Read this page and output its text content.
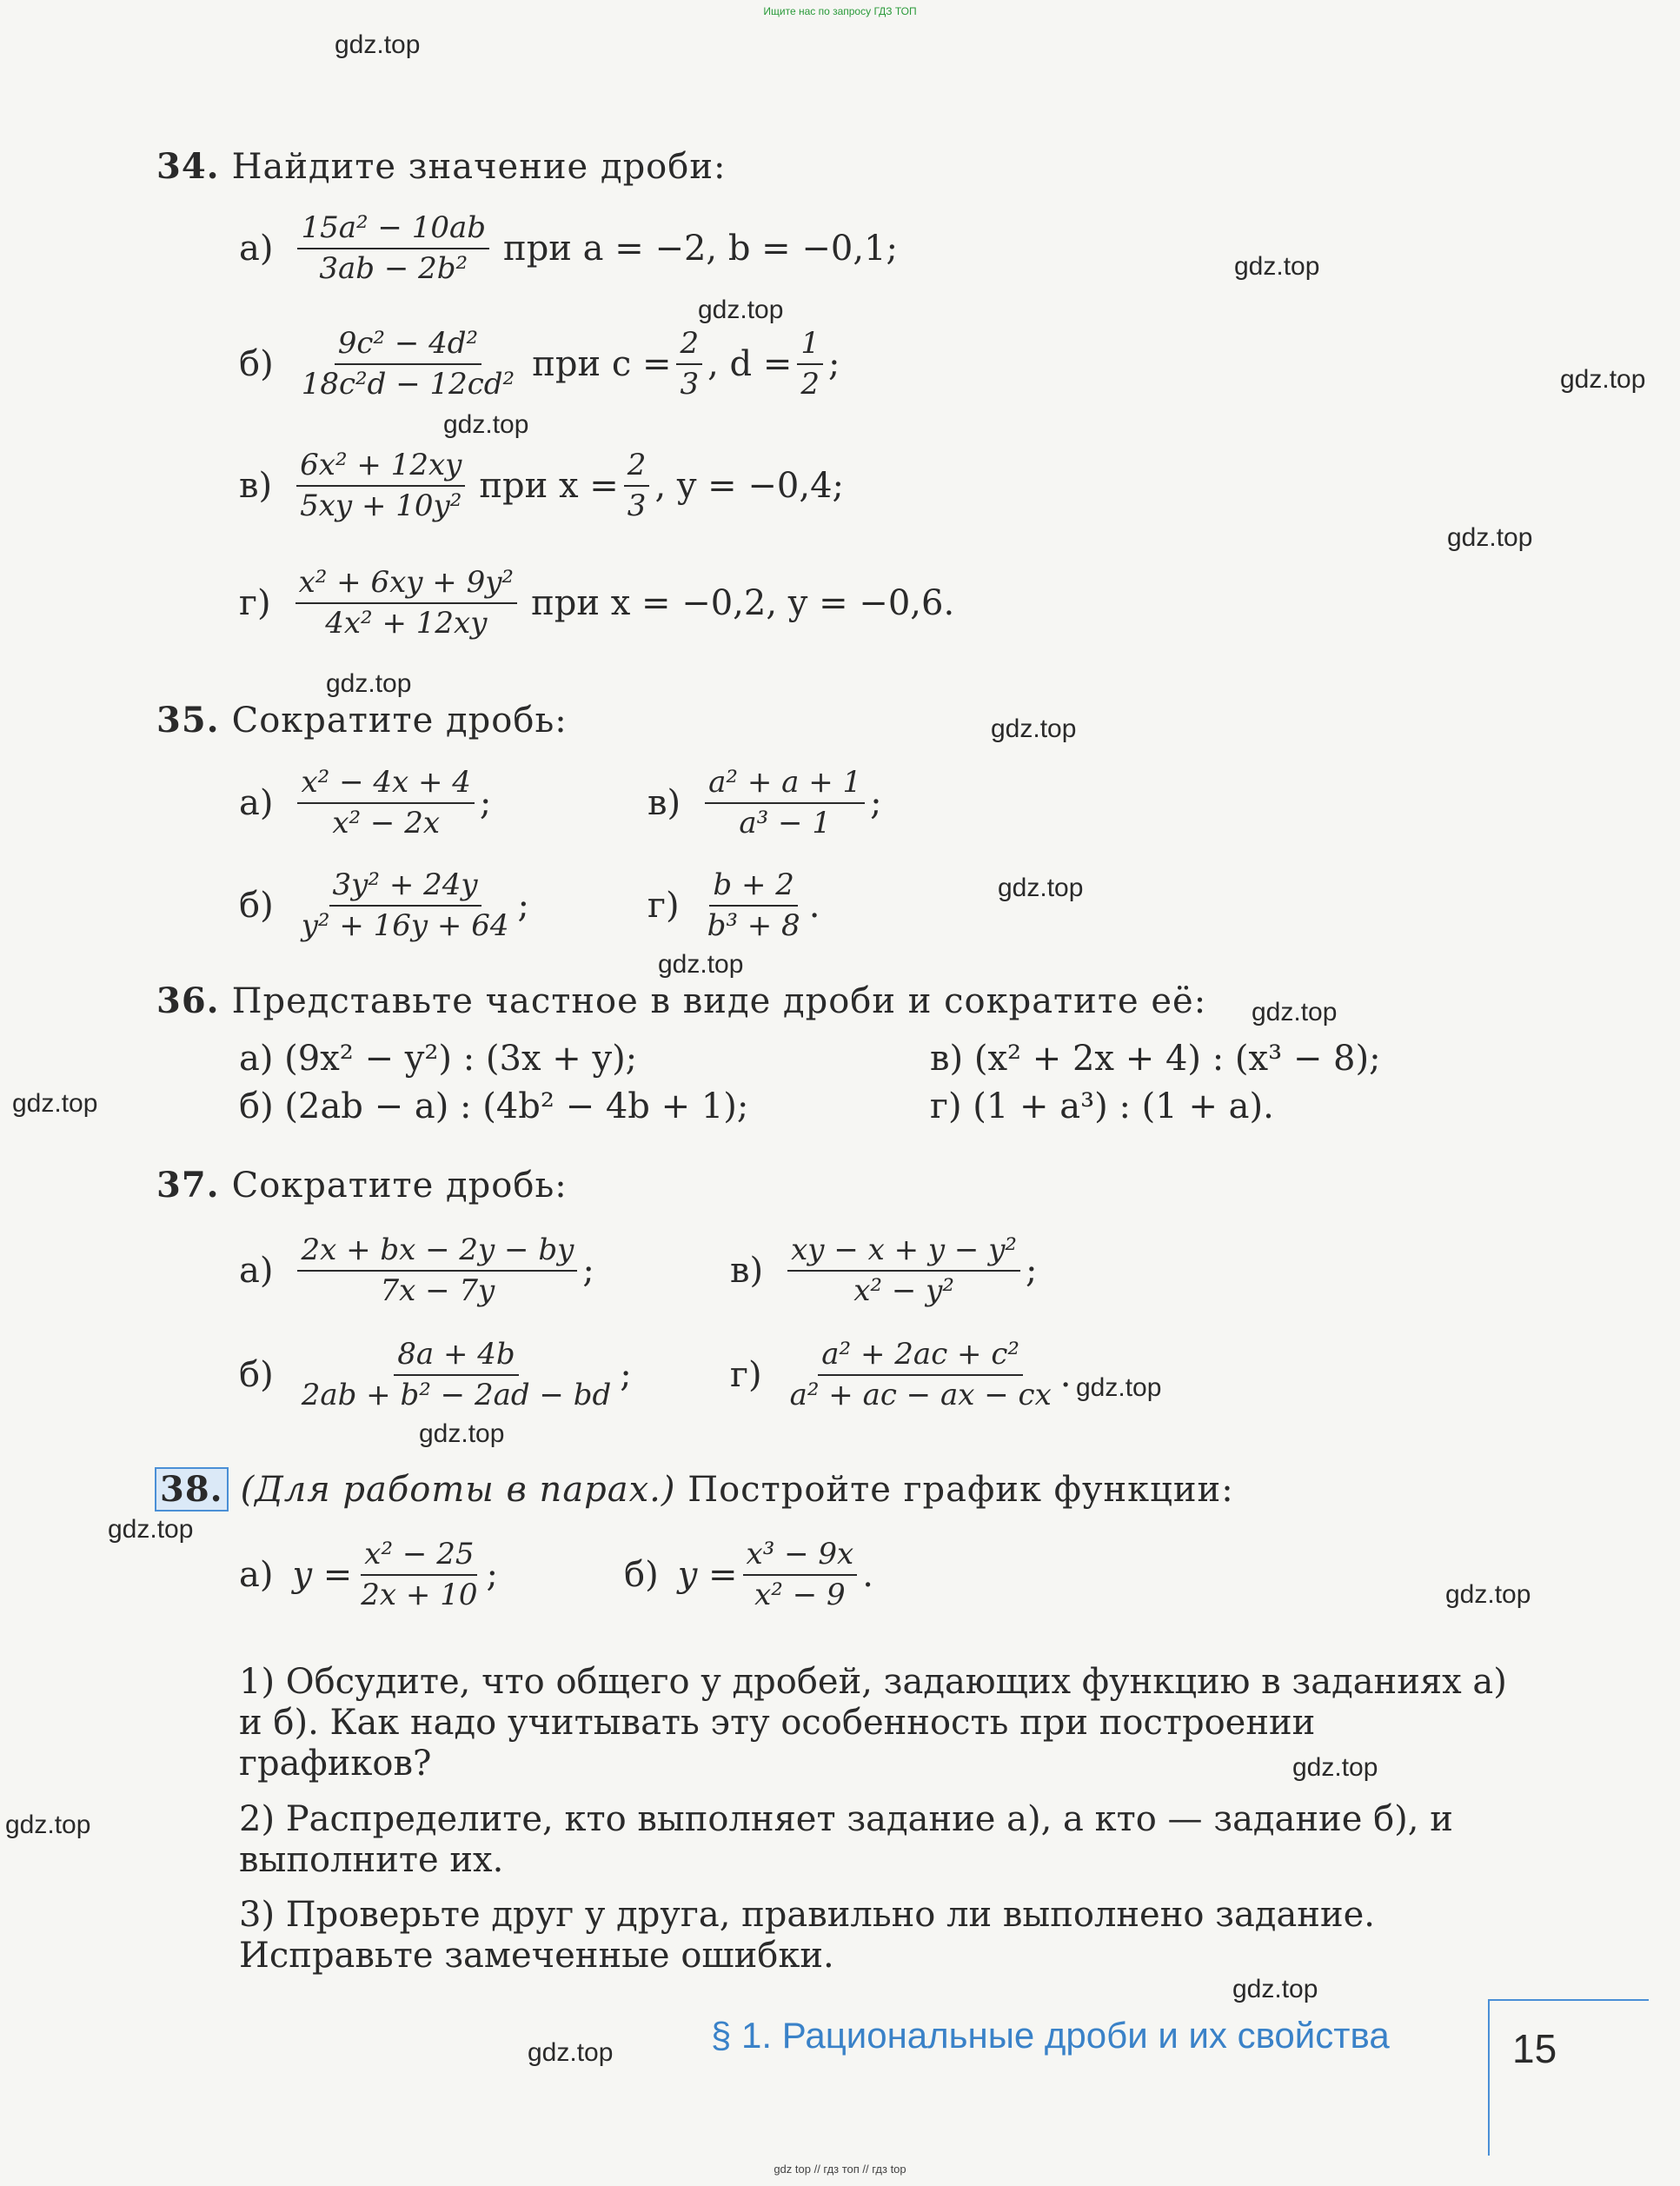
Ищите нас по запросу ГДЗ ТОП
gdz top // гдз топ // гдз top
gdz.top
gdz.top
gdz.top
gdz.top
gdz.top
gdz.top
gdz.top
gdz.top
gdz.top
gdz.top
gdz.top
gdz.top
gdz.top
gdz.top
gdz.top
gdz.top
gdz.top
gdz.top
gdz.top
gdz.top
34. Найдите значение дроби:
$а) \frac{\text{15a² − 10ab}}{\text{3ab − 2b²}}$ при a = −2, b = −0,1;
$б) \frac{\text{9c² − 4d²}}{\text{18c²d − 12cd²}}$ при $c = \frac{2}{3}$ , $d = \frac{1}{2}$ ;
$в) \frac{\text{6x² + 12xy}}{\text{5xy + 10y²}}$ при $x = \frac{2}{3}$ , y = −0,4;
$г) \frac{\text{x² + 6xy + 9y²}}{\text{4x² + 12xy}}$ при x = −0,2, y = −0,6.
35. Сократите дробь:
$а) \frac{\text{x² − 4x + 4}}{\text{x² − 2x}}$ ;	$в) \frac{\text{a² + a + 1}}{\text{a³ − 1}}$ ;
$б) \frac{\text{3y² + 24y}}{\text{y² + 16y + 64}}$ ;	$г) \frac{b + 2}{\text{b³ + 8}}$ .
36. Представьте частное в виде дроби и сократите её:
а) (9x² − y²) : (3x + y);	в) (x² + 2x + 4) : (x³ − 8);
б) (2ab − a) : (4b² − 4b + 1);	г) (1 + a³) : (1 + a).
37. Сократите дробь:
$а) \frac{2x + bx - 2y - by}{7x - 7y}$ ;	$в) \frac{\text{xy − x + y − y²}}{\text{x² − y²}}$ ;
$б) \frac{8a + 4b}{\text{2ab + b² − 2ad − bd}}$ ;	$г) \frac{\text{a² + 2ac + c²}}{\text{a² + ac − ax − cx}}$ .
38. (Для работы в парах.) Постройте график функции:
а) $y = \frac{\text{x² − 25}}{2x + 10}$ ;	б) $y = \frac{\text{x³ − 9x}}{\text{x² − 9}}$ .
1) Обсудите, что общего у дробей, задающих функцию в заданиях а) и б). Как надо учитывать эту особенность при построении графиков?
2) Распределите, кто выполняет задание а), а кто — задание б), и выполните их.
3) Проверьте друг у друга, правильно ли выполнено задание. Исправьте замеченные ошибки.
§ 1. Рациональные дроби и их свойства	15
